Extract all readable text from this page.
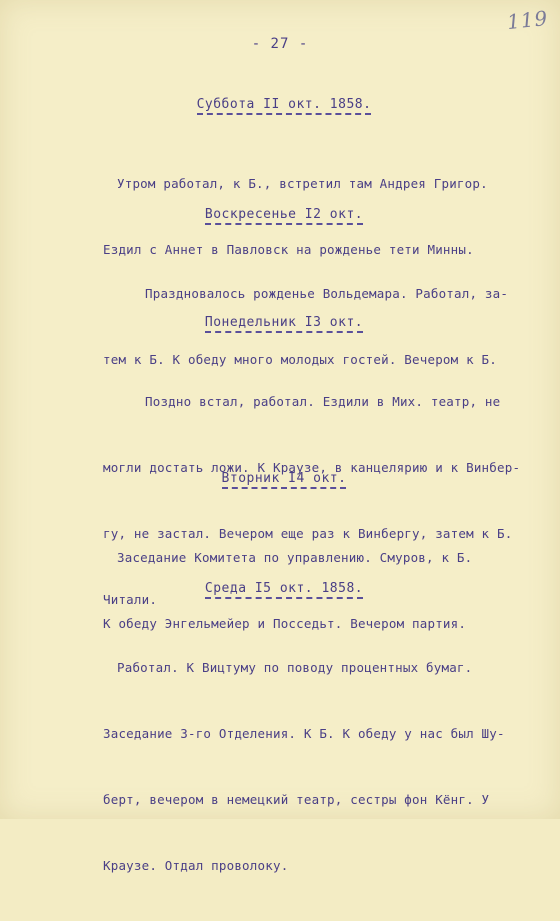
119
- 27 -
Суббота II окт. 1858.

Утром работал, к Б., встретил там Андрея Григор.

Ездил с Аннет в Павловск на рожденье тети Минны.

Воскресенье I2 окт.

Праздновалось рожденье Вольдемара. Работал, за-

тем к Б. К обеду много молодых гостей. Вечером к Б.

Понедельник I3 окт.

Поздно встал, работал. Ездили в Мих. театр, не

могли достать ложи. К Краузе, в канцелярию и к Винбер-

гу, не застал. Вечером еще раз к Винбергу, затем к Б.

Читали.

Вторник I4 окт.

Заседание Комитета по управлению. Смуров, к Б.

К обеду Энгельмейер и Посседьт. Вечером партия.

Среда I5 окт. 1858.

Работал. К Вицтуму по поводу процентных бумаг.

Заседание 3-го Отделения. К Б. К обеду у нас был Шу-

берт, вечером в немецкий театр, сестры фон Кёнг. У

Краузе. Отдал проволоку.
